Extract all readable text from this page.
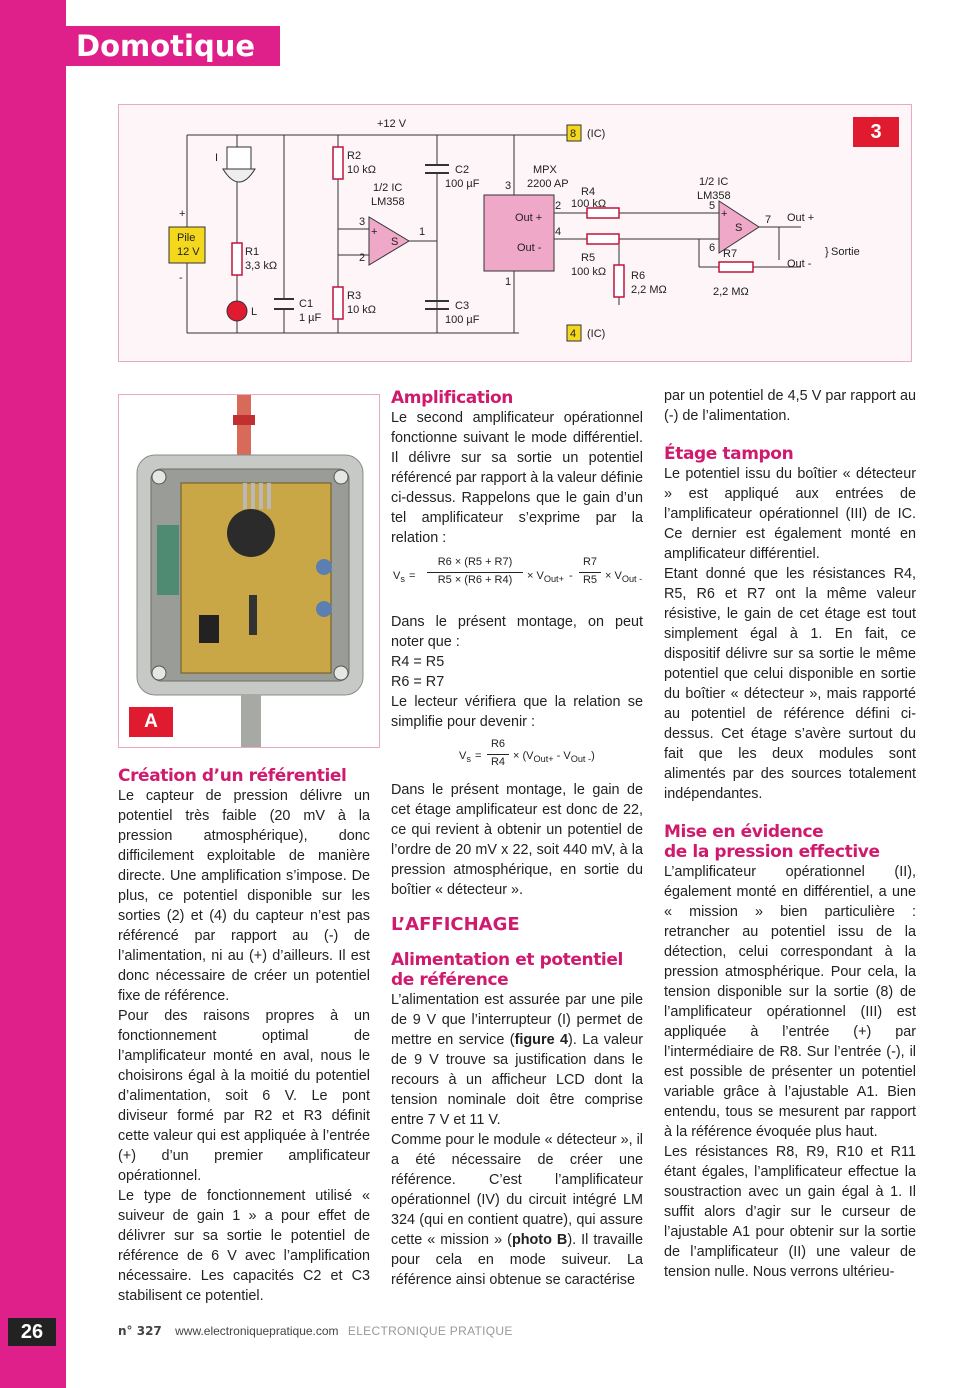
26
Domotique
Pile
12 V
+
-
I
R1
3,3 kΩ
L
C1
1 µF
R2
10 kΩ
R3
10 kΩ
S
+
3
2
1
1/2 IC
LM358
+12 V
C2
100 µF
C3
100 µF
MPX
2200 AP
Out +
Out -
3
1
2
4
8 (IC)
4 (IC)
R4
100 kΩ
R5
100 kΩ R6
2,2 MΩ
S
+
5
6
7
1/2 IC
LM358
R7
2,2 MΩ
Out +
Out -
} Sortie
3
A
Création d’un référentiel

Le capteur de pression délivre un potentiel très faible (20 mV à la pression atmosphérique), donc difficilement exploitable de manière directe. Une amplification s’impose. De plus, ce potentiel disponible sur les sorties (2) et (4) du capteur n’est pas référencé par rapport au (-) de l’alimentation, ni au (+) d’ailleurs. Il est donc nécessaire de créer un potentiel fixe de référence.

Pour des raisons propres à un fonctionnement optimal de l’amplificateur monté en aval, nous le choisirons égal à la moitié du potentiel d’alimentation, soit 6 V. Le pont diviseur formé par R2 et R3 définit cette valeur qui est appliquée à l’entrée (+) d’un premier amplificateur opérationnel.

Le type de fonctionnement utilisé « suiveur de gain 1 » a pour effet de délivrer sur sa sortie le potentiel de référence de 6 V avec l’amplification nécessaire. Les capacités C2 et C3 stabilisent ce potentiel.

Amplification

Le second amplificateur opérationnel fonctionne suivant le mode différentiel. Il délivre sur sa sortie un potentiel référencé par rapport à la valeur définie ci-dessus. Rappelons que le gain d’un tel amplificateur s’exprime par la relation :

$V_s$ =
R6 × (R5 + R7)
R5 × (R6 + R4)	× $V_{Out+}$ -
R7
$R5 \times V_{Out -}$

Dans le présent montage, on peut noter que :

R4 = R5

R6 = R7

Le lecteur vérifiera que la relation se simplifie pour devenir :

$V_s$ =
R6
$R4 \times (V_{Out+} - V_{Out -})$

Dans le présent montage, le gain de cet étage amplificateur est donc de 22, ce qui revient à obtenir un potentiel de l’ordre de 20 mV x 22, soit 440 mV, à la pression atmosphérique, en sortie du boîtier « détecteur ».

L’AFFICHAGE
Alimentation et potentiel
de référence

L’alimentation est assurée par une pile de 9 V que l’interrupteur (I) permet de mettre en service (figure 4). La valeur de 9 V trouve sa justification dans le recours à un afficheur LCD dont la tension nominale doit être comprise entre 7 V et 11 V.

Comme pour le module « détecteur », il a été nécessaire de créer une référence. C’est l’amplificateur opérationnel (IV) du circuit intégré LM 324 (qui en contient quatre), qui assure cette « mission » (photo B). Il travaille pour cela en mode suiveur. La référence ainsi obtenue se caractérise

par un potentiel de 4,5 V par rapport au (-) de l’alimentation.

Étage tampon

Le potentiel issu du boîtier « détecteur » est appliqué aux entrées de l’amplificateur opérationnel (III) de IC. Ce dernier est également monté en amplificateur différentiel.

Etant donné que les résistances R4, R5, R6 et R7 ont la même valeur résistive, le gain de cet étage est tout simplement égal à 1. En fait, ce dispositif délivre sur sa sortie le même potentiel que celui disponible en sortie du boîtier « détecteur », mais rapporté au potentiel de référence défini ci-dessus. Cet étage s’avère surtout du fait que les deux modules sont alimentés par des sources totalement indépendantes.

Mise en évidence
de la pression effective

L’amplificateur opérationnel (II), également monté en différentiel, a une « mission » bien particulière : retrancher au potentiel issu de la détection, celui correspondant à la pression atmosphérique. Pour cela, la tension disponible sur la sortie (8) de l’amplificateur opérationnel (III) est appliquée à l’entrée (+) par l’intermédiaire de R8. Sur l’entrée (-), il est possible de présenter un potentiel variable grâce à l’ajustable A1. Bien entendu, tous se mesurent par rapport à la référence évoquée plus haut.

Les résistances R8, R9, R10 et R11 étant égales, l’amplificateur effectue la soustraction avec un gain égal à 1. Il suffit alors d’agir sur le curseur de l’ajustable A1 pour obtenir sur la sortie de l’amplificateur (II) une valeur de tension nulle. Nous verrons ultérieu-

n° 327 www.electroniquepratique.com ELECTRONIQUE PRATIQUE
